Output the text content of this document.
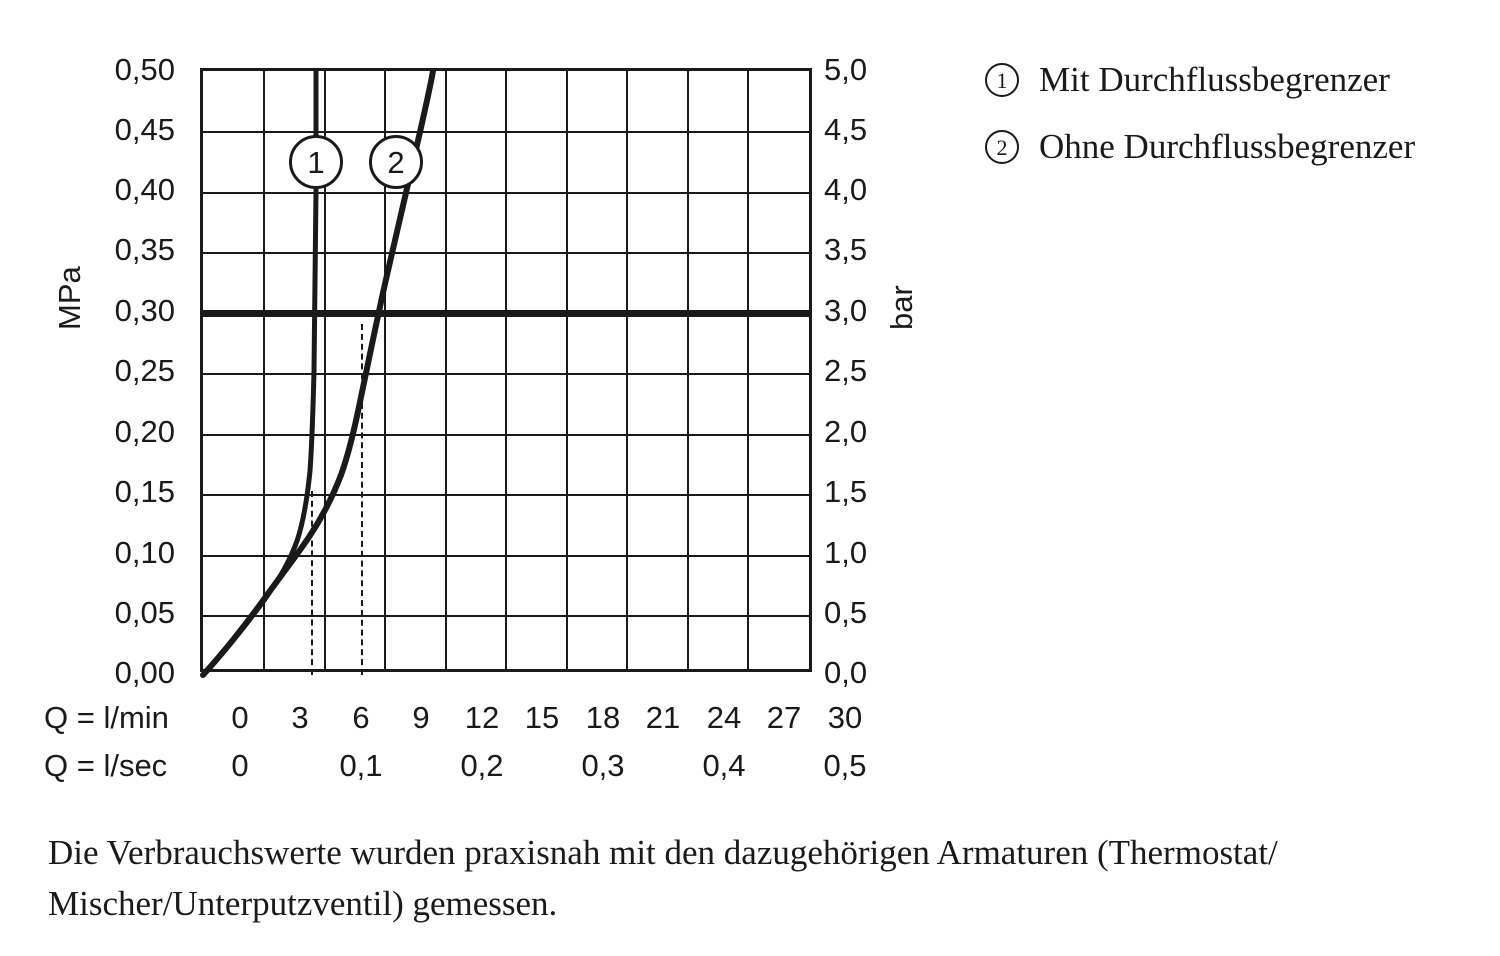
MPa	bar
0,50
0,45
0,40
0,35
0,30
0,25
0,20
0,15
0,10
0,05
0,00
5,0
4,5
4,0
3,5
3,0
2,5
2,0
1,5
1,0
0,5
0,0
1	2
Q = l/min	0	3	6	9	12 15 18 21 24 27 30
Q = l/sec	0	0,1	0,2	0,3	0,4	0,5
1 Mit Durchflussbegrenzer
2 Ohne Durchflussbegrenzer
Die Verbrauchswerte wurden praxisnah mit den dazugehörigen Armaturen (Thermostat/ Mischer/Unterputzventil) gemessen.
